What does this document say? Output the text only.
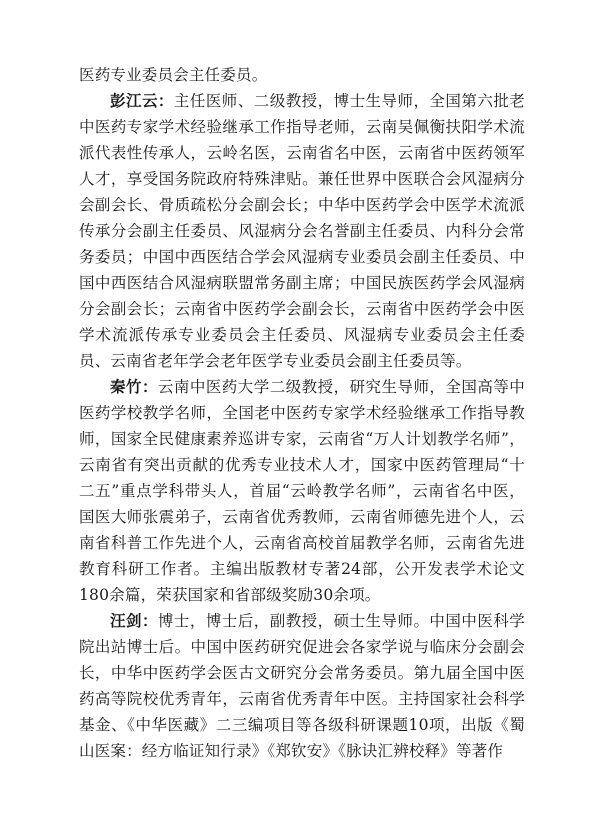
医药专业委员会主任委员。

彭江云：主任医师、二级教授，博士生导师，全国第六批老中医药专家学术经验继承工作指导老师，云南吴佩衡扶阳学术流派代表性传承人，云岭名医，云南省名中医，云南省中医药领军人才，享受国务院政府特殊津贴。兼任世界中医联合会风湿病分会副会长、骨质疏松分会副会长；中华中医药学会中医学术流派传承分会副主任委员、风湿病分会名誉副主任委员、内科分会常务委员；中国中西医结合学会风湿病专业委员会副主任委员、中国中西医结合风湿病联盟常务副主席；中国民族医药学会风湿病分会副会长；云南省中医药学会副会长，云南省中医药学会中医学术流派传承专业委员会主任委员、风湿病专业委员会主任委员、云南省老年学会老年医学专业委员会副主任委员等。

秦竹：云南中医药大学二级教授，研究生导师，全国高等中医药学校教学名师，全国老中医药专家学术经验继承工作指导教师，国家全民健康素养巡讲专家，云南省“万人计划教学名师”，云南省有突出贡献的优秀专业技术人才，国家中医药管理局“十二五”重点学科带头人，首届“云岭教学名师”，云南省名中医，国医大师张震弟子，云南省优秀教师，云南省师德先进个人，云南省科普工作先进个人，云南省高校首届教学名师，云南省先进教育科研工作者。主编出版教材专著24部，公开发表学术论文180余篇，荣获国家和省部级奖励30余项。

汪剑：博士，博士后，副教授，硕士生导师。中国中医科学院出站博士后。中国中医药研究促进会各家学说与临床分会副会长，中华中医药学会医古文研究分会常务委员。第九届全国中医药高等院校优秀青年，云南省优秀青年中医。主持国家社会科学基金、《中华医藏》二三编项目等各级科研课题10项，出版《蜀山医案：经方临证知行录》《郑钦安》《脉诀汇辨校释》等著作
